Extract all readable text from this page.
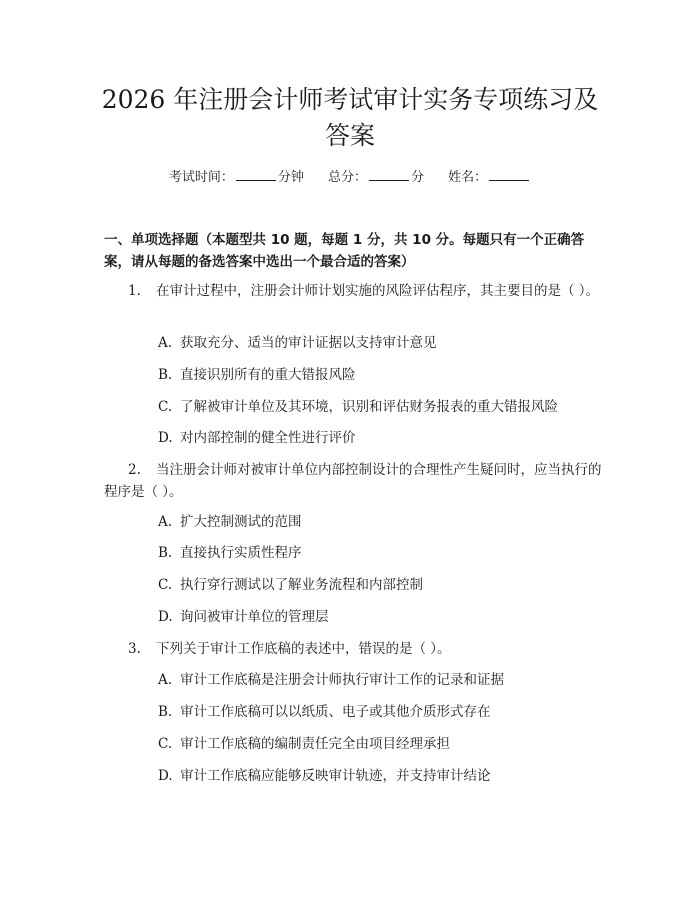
2026 年注册会计师考试审计实务专项练习及
答案
考试时间：	分钟 总分：	分 姓名：

一、单项选择题（本题型共 10 题，每题 1 分，共 10 分。每题只有一个正确答案，请从每题的备选答案中选出一个最合适的答案）

1. 在审计过程中，注册会计师计划实施的风险评估程序，其主要目的是（ ）。

A. 获取充分、适当的审计证据以支持审计意见

B. 直接识别所有的重大错报风险

C. 了解被审计单位及其环境，识别和评估财务报表的重大错报风险

D. 对内部控制的健全性进行评价

2. 当注册会计师对被审计单位内部控制设计的合理性产生疑问时，应当执行的程序是（ ）。

A. 扩大控制测试的范围

B. 直接执行实质性程序

C. 执行穿行测试以了解业务流程和内部控制

D. 询问被审计单位的管理层

3. 下列关于审计工作底稿的表述中，错误的是（ ）。

A. 审计工作底稿是注册会计师执行审计工作的记录和证据

B. 审计工作底稿可以以纸质、电子或其他介质形式存在

C. 审计工作底稿的编制责任完全由项目经理承担

D. 审计工作底稿应能够反映审计轨迹，并支持审计结论
